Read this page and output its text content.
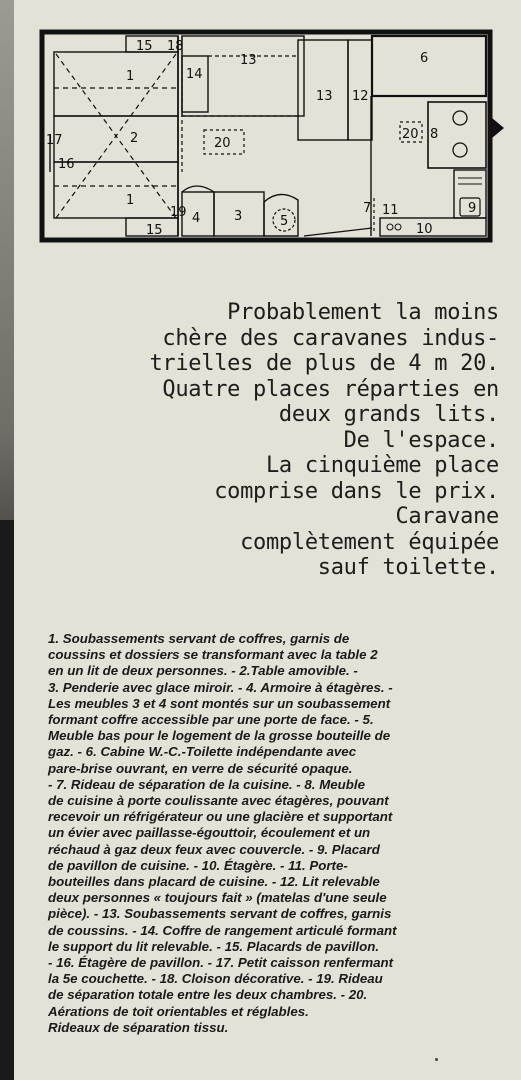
15 18
13	6
1	14
13 12
2
17	20
8
16
20
1
19 4	3	5
7 11	9
15	10
Probablement la moins
chère des caravanes indus-
trielles de plus de 4 m 20.
Quatre places réparties en
deux grands lits.
De l'espace.
La cinquième place
comprise dans le prix.
Caravane
complètement équipée
sauf toilette.
1. Soubassements servant de coffres, garnis de
coussins et dossiers se transformant avec la table 2
en un lit de deux personnes. - 2.Table amovible. -
3. Penderie avec glace miroir. - 4. Armoire à étagères. -
Les meubles 3 et 4 sont montés sur un soubassement
formant coffre accessible par une porte de face. - 5.
Meuble bas pour le logement de la grosse bouteille de
gaz. - 6. Cabine W.-C.-Toilette indépendante avec
pare-brise ouvrant, en verre de sécurité opaque.
- 7. Rideau de séparation de la cuisine. - 8. Meuble
de cuisine à porte coulissante avec étagères, pouvant
recevoir un réfrigérateur ou une glacière et supportant
un évier avec paillasse-égouttoir, écoulement et un
réchaud à gaz deux feux avec couvercle. - 9. Placard
de pavillon de cuisine. - 10. Étagère. - 11. Porte-
bouteilles dans placard de cuisine. - 12. Lit relevable
deux personnes « toujours fait » (matelas d'une seule
pièce). - 13. Soubassements servant de coffres, garnis
de coussins. - 14. Coffre de rangement articulé formant
le support du lit relevable. - 15. Placards de pavillon.
- 16. Étagère de pavillon. - 17. Petit caisson renfermant
la 5e couchette. - 18. Cloison décorative. - 19. Rideau
de séparation totale entre les deux chambres. - 20.
Aérations de toit orientables et réglables.
Rideaux de séparation tissu.
